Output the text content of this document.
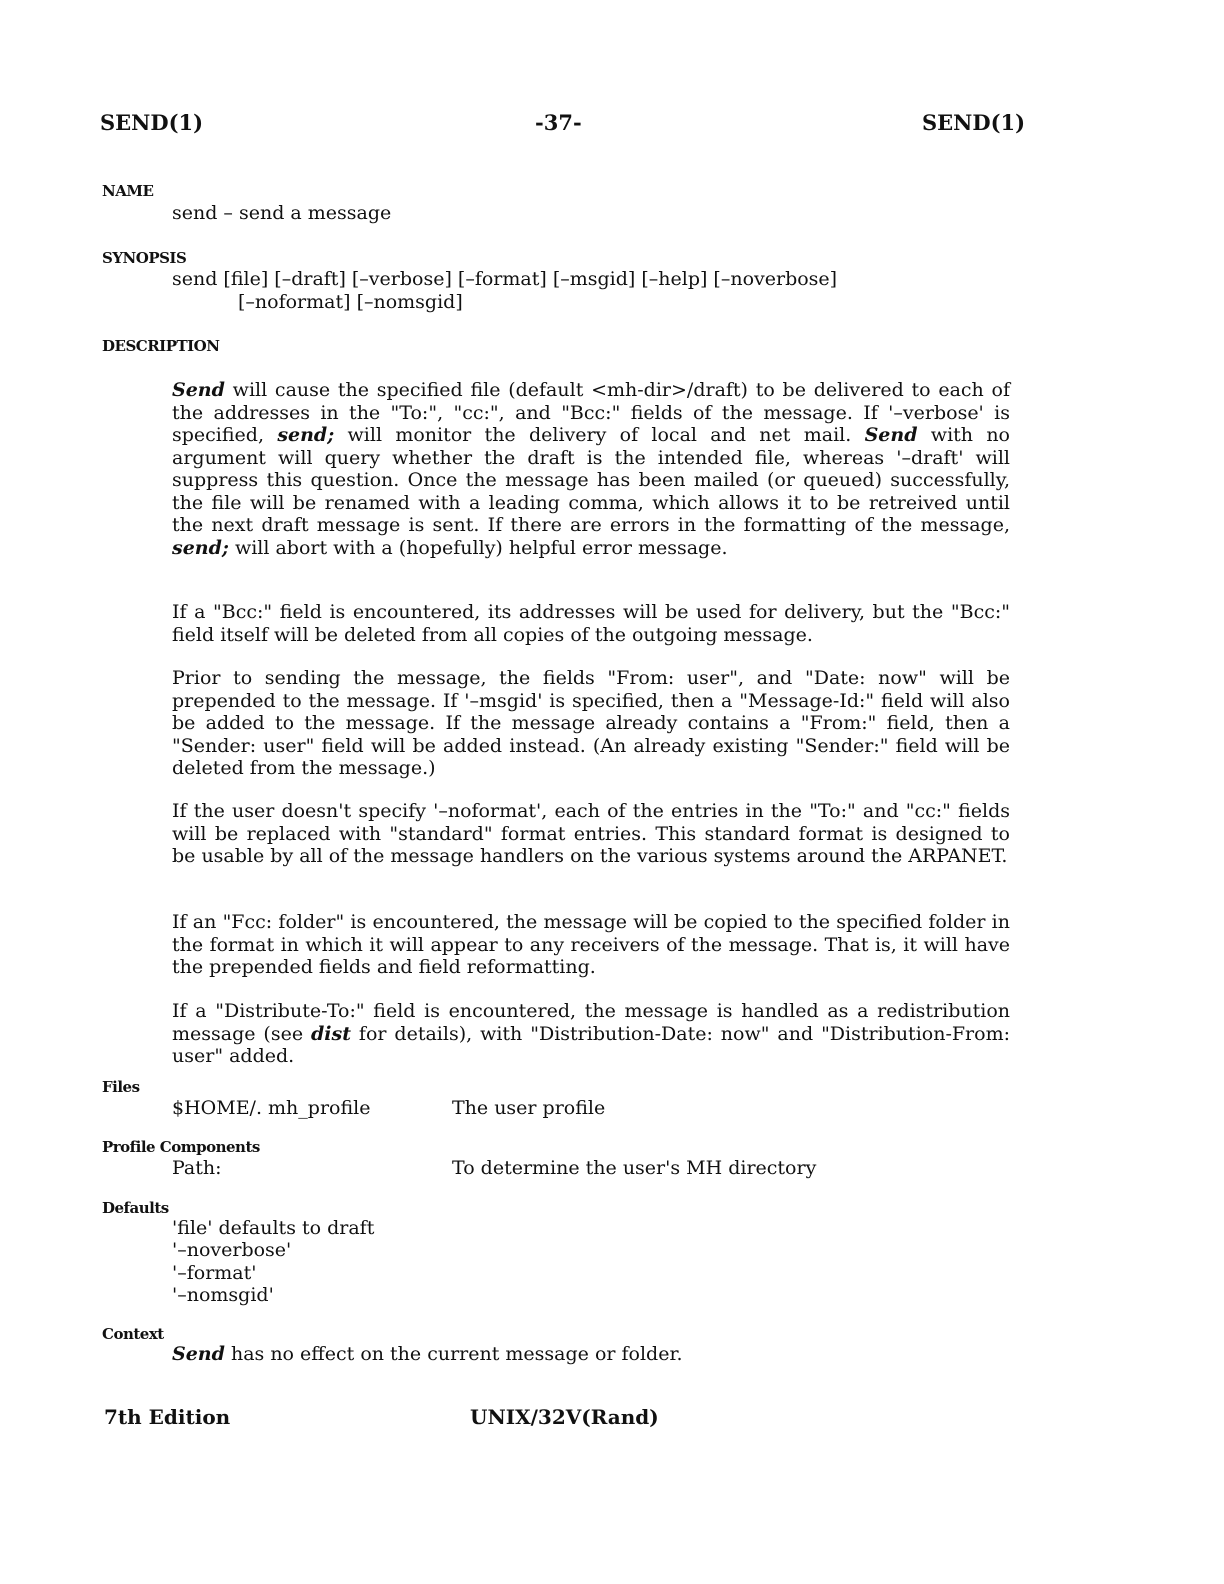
SEND(1)	-37-	SEND(1)
NAME
send – send a message
SYNOPSIS
send [file] [–draft] [–verbose] [–format] [–msgid] [–help] [–noverbose]
[–noformat] [–nomsgid]
DESCRIPTION

Send will cause the specified file (default <mh-dir>/draft) to be delivered to each of the addresses in the "To:", "cc:", and "Bcc:" fields of the message. If '–verbose' is specified, send; will monitor the delivery of local and net mail. Send with no argument will query whether the draft is the intended file, whereas '–draft' will suppress this question. Once the message has been mailed (or queued) successfully, the file will be renamed with a leading comma, which allows it to be retreived until the next draft message is sent. If there are errors in the formatting of the message, send; will abort with a (hopefully) helpful error message.

If a "Bcc:" field is encountered, its addresses will be used for delivery, but the "Bcc:" field itself will be deleted from all copies of the outgoing message.

Prior to sending the message, the fields "From: user", and "Date: now" will be prepended to the message. If '–msgid' is specified, then a "Message-Id:" field will also be added to the message. If the message already contains a "From:" field, then a "Sender: user" field will be added instead. (An already existing "Sender:" field will be deleted from the message.)

If the user doesn't specify '–noformat', each of the entries in the "To:" and "cc:" fields will be replaced with "standard" format entries. This standard format is designed to be usable by all of the message handlers on the various systems around the ARPANET.

If an "Fcc: folder" is encountered, the message will be copied to the specified folder in the format in which it will appear to any receivers of the message. That is, it will have the prepended fields and field reformatting.

If a "Distribute-To:" field is encountered, the message is handled as a redistribution message (see dist for details), with "Distribution-Date: now" and "Distribution-From: user" added.

Files
$HOME/. mh_profile	The user profile
Profile Components
Path:	To determine the user's MH directory
Defaults
'file' defaults to draft
'–noverbose'
'–format'
'–nomsgid'
Context
Send has no effect on the current message or folder.
7th Edition	UNIX/32V(Rand)
